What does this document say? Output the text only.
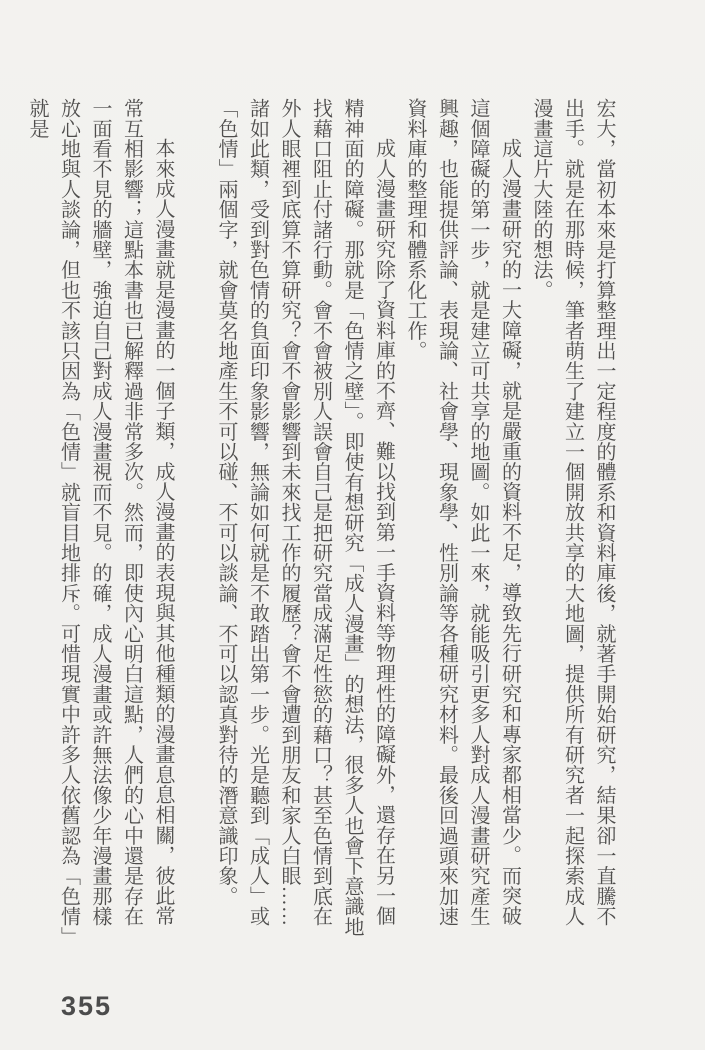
宏大，當初本來是打算整理出一定程度的體系和資料庫後，就著手開始研究，結果卻一直騰不出手。就是在那時候，筆者萌生了建立一個開放共享的大地圖，提供所有研究者一起探索成人漫畫這片大陸的想法。

成人漫畫研究的一大障礙，就是嚴重的資料不足，導致先行研究和專家都相當少。而突破這個障礙的第一步，就是建立可共享的地圖。如此一來，就能吸引更多人對成人漫畫研究產生興趣，也能提供評論、表現論、社會學、現象學、性別論等各種研究材料。最後回過頭來加速資料庫的整理和體系化工作。

成人漫畫研究除了資料庫的不齊、難以找到第一手資料等物理性的障礙外，還存在另一個精神面的障礙。那就是「色情之壁」。即使有想研究「成人漫畫」的想法，很多人也會下意識地找藉口阻止付諸行動。會不會被別人誤會自己是把研究當成滿足性慾的藉口？甚至色情到底在外人眼裡到底算不算研究？會不會影響到未來找工作的履歷？會不會遭到朋友和家人白眼……諸如此類，受到對色情的負面印象影響，無論如何就是不敢踏出第一步。光是聽到「成人」或「色情」兩個字，就會莫名地產生不可以碰、不可以談論、不可以認真對待的潛意識印象。

本來成人漫畫就是漫畫的一個子類，成人漫畫的表現與其他種類的漫畫息息相關，彼此常常互相影響；這點本書也已解釋過非常多次。然而，即使內心明白這點，人們的心中還是存在一面看不見的牆壁，強迫自己對成人漫畫視而不見。的確，成人漫畫或許無法像少年漫畫那樣放心地與人談論，但也不該只因為「色情」就盲目地排斥。可惜現實中許多人依舊認為「色情」就是

355
